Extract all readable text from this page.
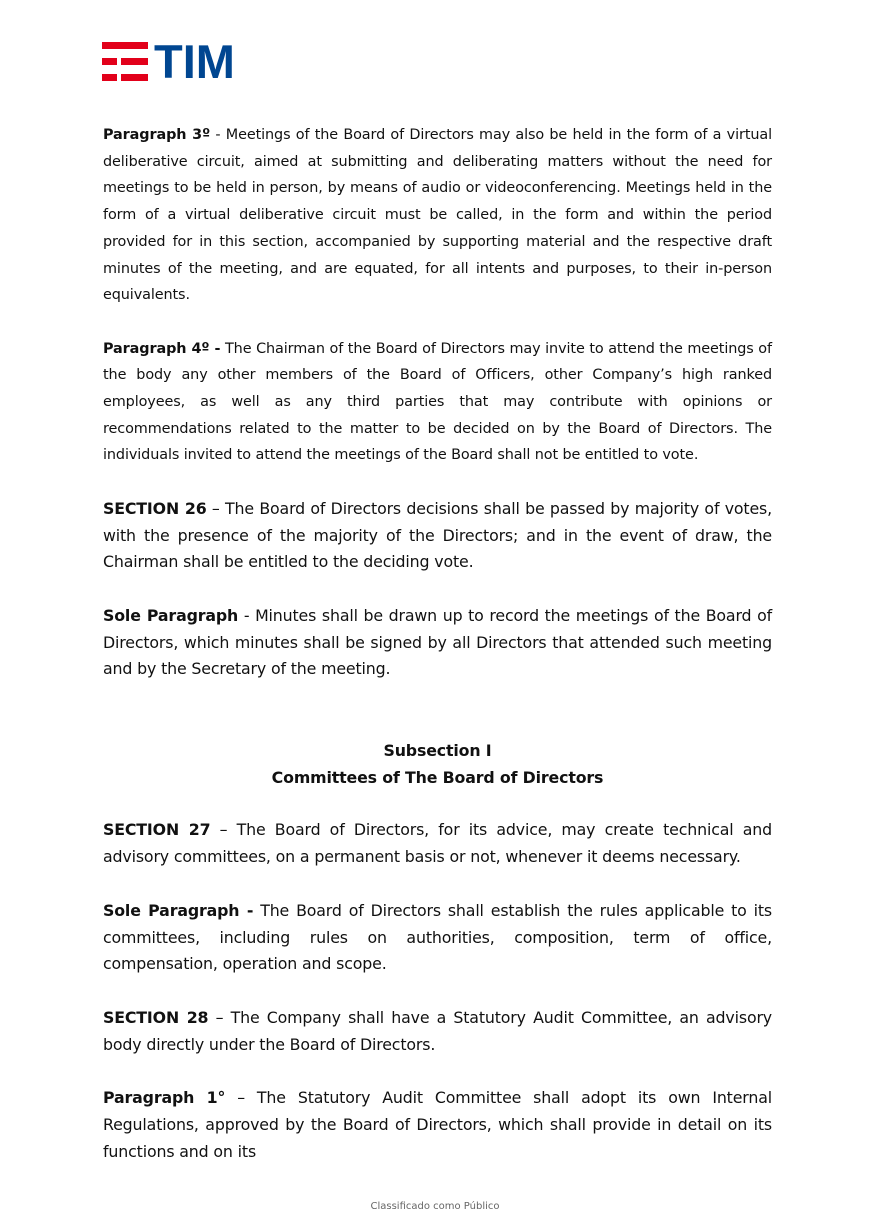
TIM

Paragraph 3º - Meetings of the Board of Directors may also be held in the form of a virtual deliberative circuit, aimed at submitting and deliberating matters without the need for meetings to be held in person, by means of audio or videoconferencing. Meetings held in the form of a virtual deliberative circuit must be called, in the form and within the period provided for in this section, accompanied by supporting material and the respective draft minutes of the meeting, and are equated, for all intents and purposes, to their in-person equivalents.

Paragraph 4º - The Chairman of the Board of Directors may invite to attend the meetings of the body any other members of the Board of Officers, other Company’s high ranked employees, as well as any third parties that may contribute with opinions or recommendations related to the matter to be decided on by the Board of Directors. The individuals invited to attend the meetings of the Board shall not be entitled to vote.

SECTION 26 – The Board of Directors decisions shall be passed by majority of votes, with the presence of the majority of the Directors; and in the event of draw, the Chairman shall be entitled to the deciding vote.

Sole Paragraph - Minutes shall be drawn up to record the meetings of the Board of Directors, which minutes shall be signed by all Directors that attended such meeting and by the Secretary of the meeting.

Subsection I
Committees of The Board of Directors

SECTION 27 – The Board of Directors, for its advice, may create technical and advisory committees, on a permanent basis or not, whenever it deems necessary.

Sole Paragraph - The Board of Directors shall establish the rules applicable to its committees, including rules on authorities, composition, term of office, compensation, operation and scope.

SECTION 28 – The Company shall have a Statutory Audit Committee, an advisory body directly under the Board of Directors.

Paragraph 1° – The Statutory Audit Committee shall adopt its own Internal Regulations, approved by the Board of Directors, which shall provide in detail on its functions and on its

Classificado como Público
